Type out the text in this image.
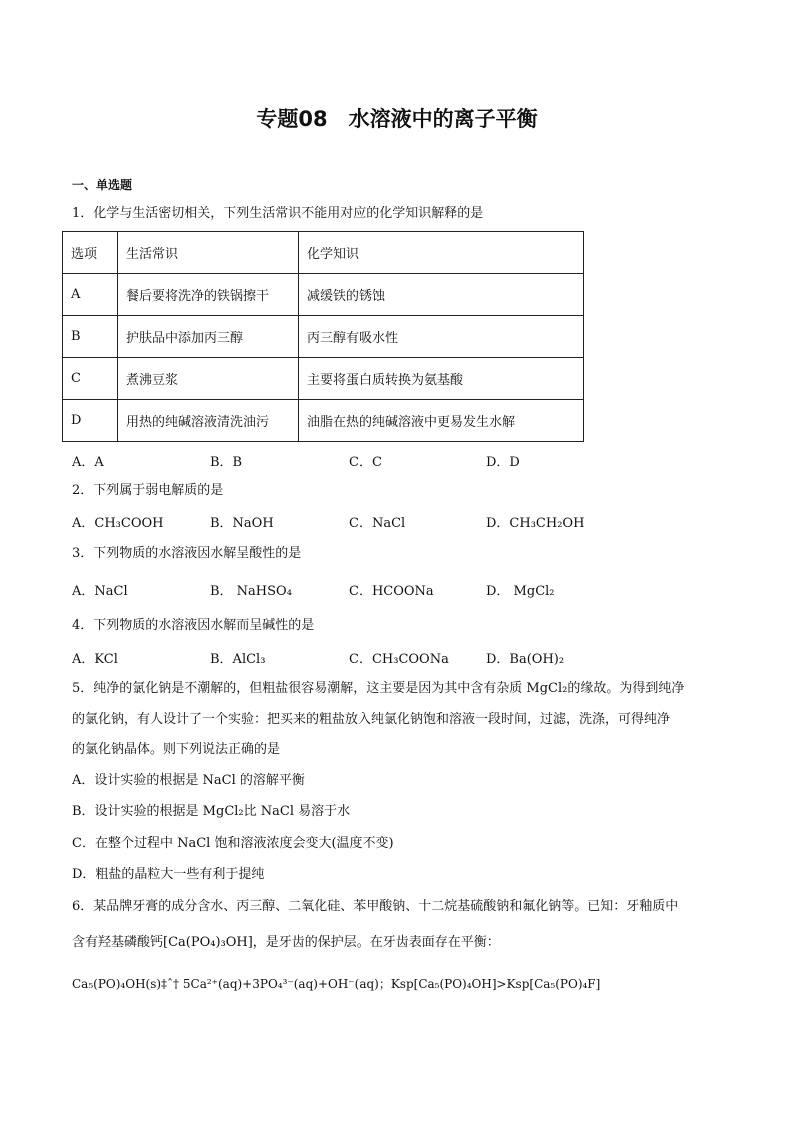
专题08　水溶液中的离子平衡
一、单选题
1．化学与生活密切相关，下列生活常识不能用对应的化学知识解释的是
选项	生活常识	化学知识
A	餐后要将洗净的铁锅擦干	减缓铁的锈蚀
B	护肤品中添加丙三醇	丙三醇有吸水性
C	煮沸豆浆	主要将蛋白质转换为氨基酸
D	用热的纯碱溶液清洗油污	油脂在热的纯碱溶液中更易发生水解
A．A	B．B	C．C	D．D
2．下列属于弱电解质的是
A．CH₃COOH	B．NaOH	C．NaCl	D．CH₃CH₂OH
3．下列物质的水溶液因水解呈酸性的是
A．NaCl	B． NaHSO₄	C．HCOONa	D． MgCl₂
4．下列物质的水溶液因水解而呈碱性的是
A．KCl	B．AlCl₃	C．CH₃COONa	D．Ba(OH)₂
5．纯净的氯化钠是不潮解的，但粗盐很容易潮解，这主要是因为其中含有杂质 MgCl₂的缘故。为得到纯净
的氯化钠，有人设计了一个实验：把买来的粗盐放入纯氯化钠饱和溶液一段时间，过滤，洗涤，可得纯净
的氯化钠晶体。则下列说法正确的是
A．设计实验的根据是 NaCl 的溶解平衡
B．设计实验的根据是 MgCl₂比 NaCl 易溶于水
C．在整个过程中 NaCl 饱和溶液浓度会变大(温度不变)
D．粗盐的晶粒大一些有利于提纯
6．某品牌牙膏的成分含水、丙三醇、二氧化硅、苯甲酸钠、十二烷基硫酸钠和氟化钠等。已知：牙釉质中
含有羟基磷酸钙[Ca(PO₄)₃OH]，是牙齿的保护层。在牙齿表面存在平衡：
Ca₅(PO)₄OH(s)‡ˆ† 5Ca²⁺(aq)+3PO₄³⁻(aq)+OH⁻(aq)；Ksp[Ca₅(PO)₄OH]>Ksp[Ca₅(PO)₄F]
